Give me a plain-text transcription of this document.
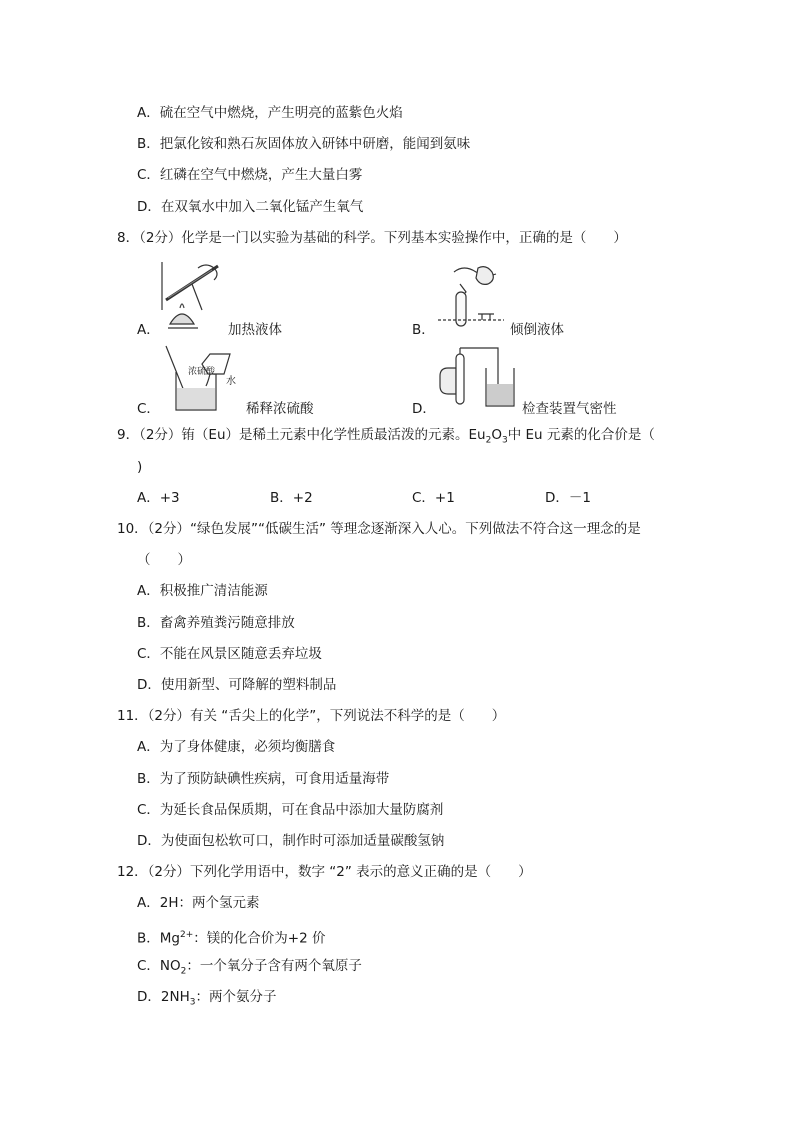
A．硫在空气中燃烧，产生明亮的蓝紫色火焰
B．把氯化铵和熟石灰固体放入研钵中研磨，能闻到氨味
C．红磷在空气中燃烧，产生大量白雾
D．在双氧水中加入二氧化锰产生氧气
8．（2分）化学是一门以实验为基础的科学。下列基本实验操作中，正确的是（　　）
A．	加热液体	B．	倾倒液体
C．
水
浓硫酸
稀释浓硫酸	D．	检查装置气密性
9．（2分）铕（Eu）是稀土元素中化学性质最活泼的元素。$Eu_2O_3$中 Eu 元素的化合价是（
)
A．+3	B．+2	C．+1	D．－1
10．（2分）“绿色发展”“低碳生活” 等理念逐渐深入人心。下列做法不符合这一理念的是
（　　）
A．积极推广清洁能源
B．畜禽养殖粪污随意排放
C．不能在风景区随意丢弃垃圾
D．使用新型、可降解的塑料制品
11．（2分）有关 “舌尖上的化学”，下列说法不科学的是（　　）
A．为了身体健康，必须均衡膳食
B．为了预防缺碘性疾病，可食用适量海带
C．为延长食品保质期，可在食品中添加大量防腐剂
D．为使面包松软可口，制作时可添加适量碳酸氢钠
12．（2分）下列化学用语中，数字 “2” 表示的意义正确的是（　　）
A．2H：两个氢元素
B．$Mg^{2+}$：镁的化合价为+2 价
C．$NO_2$：一个氧分子含有两个氧原子
D．$2NH_3$：两个氨分子
